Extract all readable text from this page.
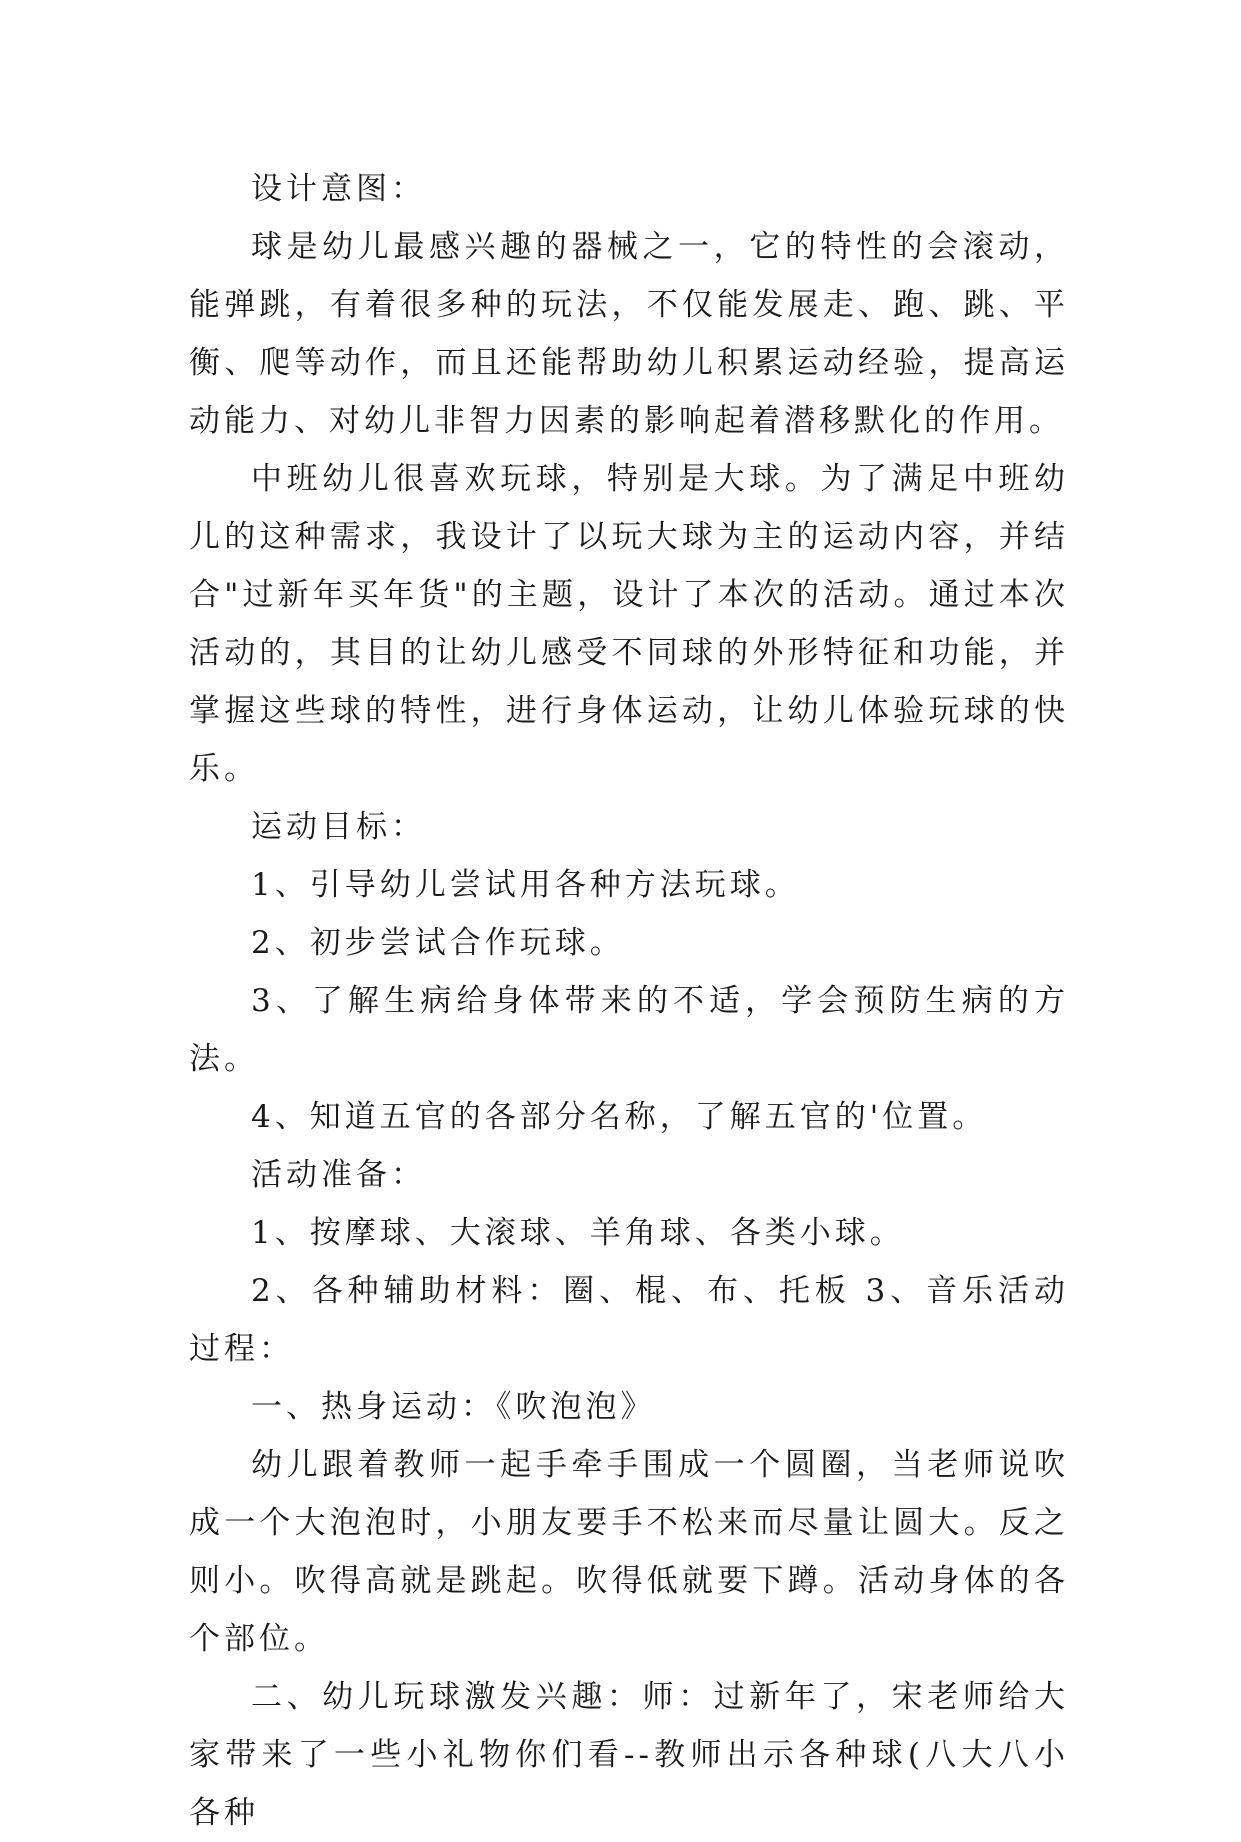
设计意图：

球是幼儿最感兴趣的器械之一，它的特性的会滚动，能弹跳，有着很多种的玩法，不仅能发展走、跑、跳、平衡、爬等动作，而且还能帮助幼儿积累运动经验，提高运动能力、对幼儿非智力因素的影响起着潜移默化的作用。

中班幼儿很喜欢玩球，特别是大球。为了满足中班幼儿的这种需求，我设计了以玩大球为主的运动内容，并结合"过新年买年货"的主题，设计了本次的活动。通过本次活动的，其目的让幼儿感受不同球的外形特征和功能，并掌握这些球的特性，进行身体运动，让幼儿体验玩球的快乐。

运动目标：

1、引导幼儿尝试用各种方法玩球。

2、初步尝试合作玩球。

3、了解生病给身体带来的不适，学会预防生病的方法。

4、知道五官的各部分名称，了解五官的'位置。

活动准备：

1、按摩球、大滚球、羊角球、各类小球。

2、各种辅助材料：圈、棍、布、托板 3、音乐活动过程：

一、热身运动：《吹泡泡》

幼儿跟着教师一起手牵手围成一个圆圈，当老师说吹成一个大泡泡时，小朋友要手不松来而尽量让圆大。反之则小。吹得高就是跳起。吹得低就要下蹲。活动身体的各个部位。

二、幼儿玩球激发兴趣：师：过新年了，宋老师给大家带来了一些小礼物你们看--教师出示各种球(八大八小各种
